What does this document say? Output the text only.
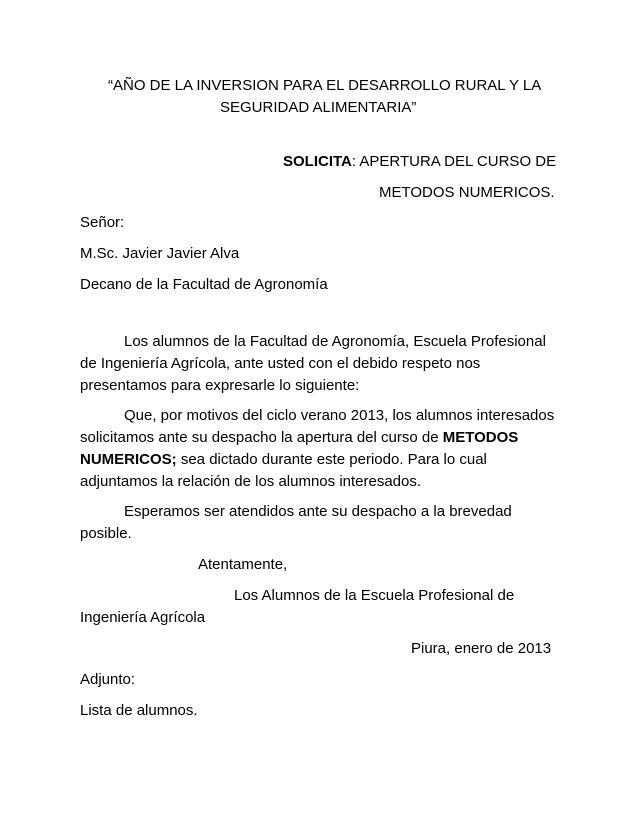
“AÑO DE LA INVERSION PARA EL DESARROLLO RURAL Y LA

SEGURIDAD ALIMENTARIA”

SOLICITA: APERTURA DEL CURSO DE

METODOS NUMERICOS.

Señor:

M.Sc. Javier Javier Alva

Decano de la Facultad de Agronomía

Los alumnos de la Facultad de Agronomía, Escuela Profesional

de Ingeniería Agrícola, ante usted con el debido respeto nos

presentamos para expresarle lo siguiente:

Que, por motivos del ciclo verano 2013, los alumnos interesados

solicitamos ante su despacho la apertura del curso de METODOS

NUMERICOS; sea dictado durante este periodo. Para lo cual

adjuntamos la relación de los alumnos interesados.

Esperamos ser atendidos ante su despacho a la brevedad

posible.

Atentamente,

Los Alumnos de la Escuela Profesional de

Ingeniería Agrícola

Piura, enero de 2013

Adjunto:

Lista de alumnos.
